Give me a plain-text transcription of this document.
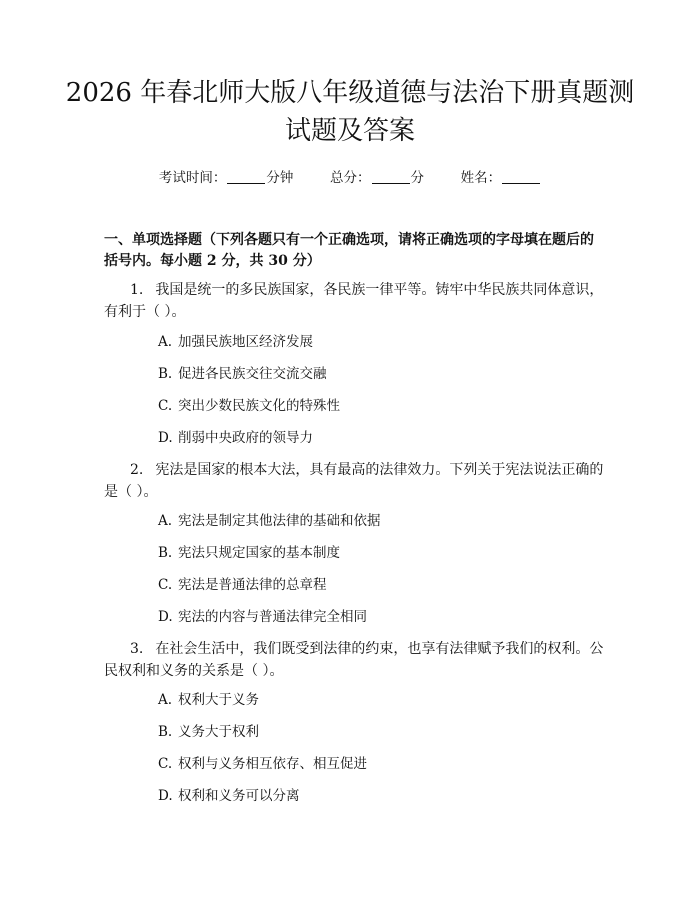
2026 年春北师大版八年级道德与法治下册真题测试题及答案
考试时间：	分钟	总分：	分	姓名：

一、单项选择题（下列各题只有一个正确选项，请将正确选项的字母填在题后的括号内。每小题 2 分，共 30 分）

1. 我国是统一的多民族国家，各民族一律平等。铸牢中华民族共同体意识，有利于（ ）。

A. 加强民族地区经济发展

B. 促进各民族交往交流交融

C. 突出少数民族文化的特殊性

D. 削弱中央政府的领导力

2. 宪法是国家的根本大法，具有最高的法律效力。下列关于宪法说法正确的是（ ）。

A. 宪法是制定其他法律的基础和依据

B. 宪法只规定国家的基本制度

C. 宪法是普通法律的总章程

D. 宪法的内容与普通法律完全相同

3. 在社会生活中，我们既受到法律的约束，也享有法律赋予我们的权利。公民权利和义务的关系是（ ）。

A. 权利大于义务

B. 义务大于权利

C. 权利与义务相互依存、相互促进

D. 权利和义务可以分离
